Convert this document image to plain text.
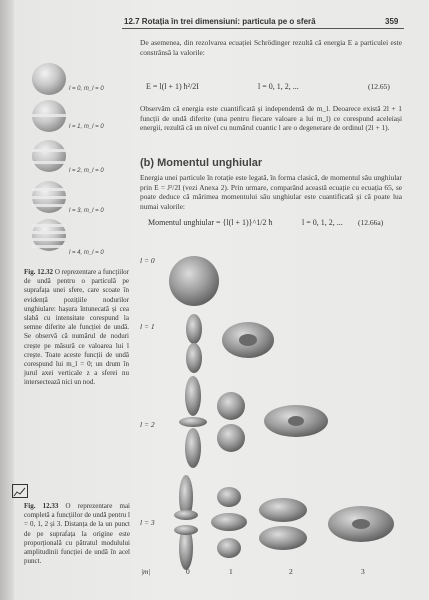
12.7 Rotația în trei dimensiuni: particula pe o sferă	359
l = 0, m_l = 0
l = 1, m_l = 0
l = 2, m_l = 0
l = 3, m_l = 0
l = 4, m_l = 0
De asemenea, din rezolvarea ecuației Schrödinger rezultă că energia E a particulei este constrânsă la valorile:
E = l(l + 1) ħ²/2I	l = 0, 1, 2, ...	(12.65)
Observăm că energia este cuantificată și independentă de m_l. Deoarece există 2l + 1 funcții de undă diferite (una pentru fiecare valoare a lui m_l) ce corespund aceleiași energii, rezultă că un nivel cu numărul cuantic l are o degenerare de ordinul (2l + 1).
(b) Momentul unghiular
Energia unei particule în rotație este legată, în forma clasică, de momentul său unghiular prin E = J²/2I (vezi Anexa 2). Prin urmare, comparând această ecuație cu ecuația 65, se poate deduce că mărimea momentului său unghiular este cuantificată și că poate lua numai valorile:
Momentul unghiular = {l(l + 1)}^1/2 ħ	l = 0, 1, 2, ... (12.66a)
Fig. 12.32 O reprezentare a funcțiilor de undă pentru o particulă pe suprafața unei sfere, care scoate în evidență pozițiile nodurilor unghiulare: hașura întunecată și cea slabă cu intensitate corespund la semne diferite ale funcției de undă. Se observă că numărul de noduri crește pe măsură ce valoarea lui l crește. Toate aceste funcții de undă corespund lui m_l = 0; un drum în jurul axei verticale z a sferei nu intersectează nici un nod.
Fig. 12.33 O reprezentare mai completă a funcțiilor de undă pentru l = 0, 1, 2 și 3. Distanța de la un punct de pe suprafața la origine este proporțională cu pătratul modulului amplitudinii funcției de undă în acel punct.
l = 0
l = 1
l = 2
l = 3
|m|	0	1	2	3
